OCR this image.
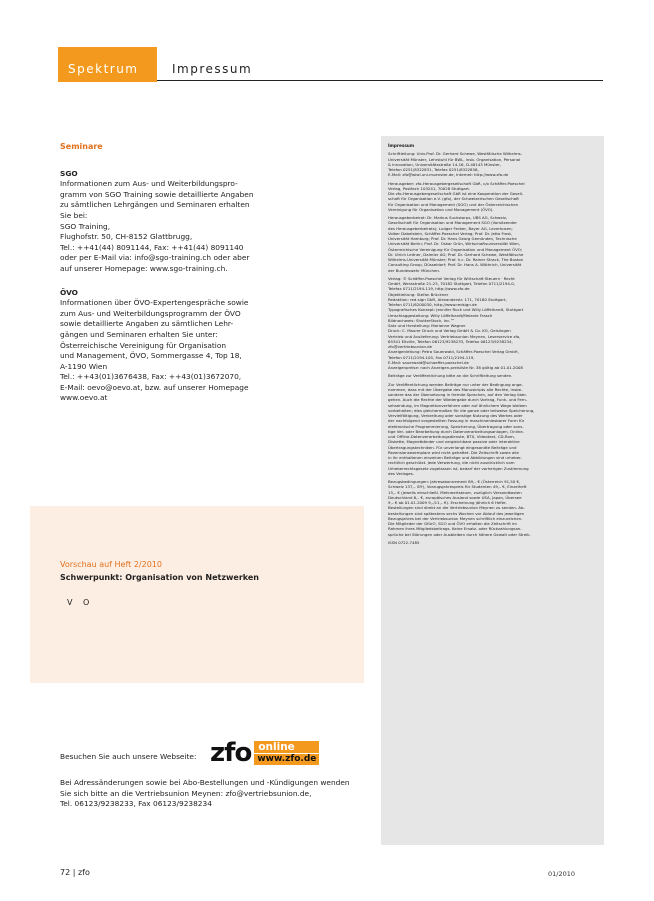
Spektrum	Impressum

Seminare

SGO

Informationen zum Aus- und Weiterbildungspro-
gramm von SGO Training sowie detaillierte Angaben
zu sämtlichen Lehrgängen und Seminaren erhalten
Sie bei:
SGO Training,
Flughofstr. 50, CH-8152 Glattbrugg,
Tel.: ++41(44) 8091144, Fax: ++41(44) 8091140
oder per E-Mail via: info@sgo-training.ch oder aber
auf unserer Homepage: www.sgo-training.ch.

ÖVO

Informationen über ÖVO-Expertengespräche sowie
zum Aus- und Weiterbildungsprogramm der ÖVO
sowie detaillierte Angaben zu sämtlichen Lehr-
gängen und Seminaren erhalten Sie unter:
Österreichische Vereinigung für Organisation
und Management, ÖVO, Sommergasse 4, Top 18,
A-1190 Wien
Tel.: ++43(01)3676438, Fax: ++43(01)3672070,
E-Mail: oevo@oevo.at, bzw. auf unserer Homepage
www.oevo.at
Vorschau auf Heft 2/2010
Schwerpunkt: Organisation von Netzwerken
V O
Besuchen Sie auch unsere Webseite: zfo online
www.zfo.de
Bei Adressänderungen sowie bei Abo-Bestellungen und -Kündigungen wenden
Sie sich bitte an die Vertriebsunion Meynen: zfo@vertriebsunion.de,
Tel. 06123/9238233, Fax 06123/9238234
72 | zfo	01/2010

Impressum

Schriftleitung: Univ.Prof. Dr. Gerhard Schewe, Westfälische Wilhelms-
Universität Münster, Lehrstuhl für BWL, insb. Organisation, Personal
& Innovation, Universitätsstraße 14-16, D-48143 Münster,
Telefon 0251/8322831, Telefax 0251/8322836,
E-Mail: zfo@wiwi.uni-muenster.de, Internet: http://www.zfo.de
Herausgeber: zfo-Herausgebergesellschaft GbR, c/o Schäffer-Poeschel
Verlag, Postfach 103241, 70028 Stuttgart.
Die zfo-Herausgebergesellschaft GbR ist eine Kooperation der Gesell-
schaft für Organisation e.V. (gfo), der Schweizerischen Gesellschaft
für Organisation und Management (SGO) und der Österreichischen
Vereinigung für Organisation und Management (ÖVO).
Herausgeberbeirat: Dr. Markus Suckstorps, UBS AG, Schweiz,
Gesellschaft für Organisation und Management SGO (Vorsitzender
des Herausgeberbeirats); Ludger Ferber, Bayer AG, Leverkusen;
Volker Dabelstein, Schäffer-Poeschel Verlag; Prof. Dr. Jetta Frost,
Universität Hamburg; Prof. Dr. Hans Georg Gemünden, Technische
Universität Berlin; Prof. Dr. Oskar Grün, Wirtschaftsuniversität Wien,
Österreichische Vereinigung für Organisation und Management ÖVO;
Dr. Ulrich Leitner, Daimler AG; Prof. Dr. Gerhard Schewe, Westfälische
Wilhelms-Universität Münster; Prof. h.c. Dr. Rainer Strack, The Boston
Consulting Group, Düsseldorf; Prof. Dr. Hans A. Wüthrich, Universität
der Bundeswehr München.
Verlag: © Schäffer-Poeschel Verlag für Wirtschaft·Steuern · Recht
GmbH, Werastraße 21-23, 70182 Stuttgart, Telefon 0711/2194-0,
Telefax 0711/2194-119, http://www.zfo.de
Objektleitung: Stefan Brückner
Redaktion: red.sign GbR, Alexanderstr. 171, 70180 Stuttgart,
Telefon 0711/6200030, http://www.redsign.de
Typografisches Konzept: Jennifer Ruck und Willy Löffelhardt, Stuttgart
Umschlaggestaltung: Willy Löffelhardt/Melanie Frasch
Bildnachweis: ShutterStock, Inc.™
Satz und Herstellung: Marianne Wagner
Druck: C. Maurer Druck und Verlag GmbH & Co. KG, Geislingen
Vertrieb und Auslieferung: Vertriebsunion Meynen, Leserservice zfo,
65341 Eltville, Telefon 06123/9238233, Telefax 06123/9238234,
zfo@vertriebsunion.de
Anzeigenleitung: Petra Sauerwald, Schäffer-Poeschel Verlag GmbH,
Telefon 0711/2194-105, Fax 0711/2194-119,
E-Mail: sauerwald@schaeffer-poeschel.de
Anzeigenpreise: nach Anzeigen-preisliste Nr. 38 gültig ab 01.01.2008
Beiträge zur Veröffentlichung bitte an die Schriftleitung senden.
Zur Veröffentlichung werden Beiträge nur unter der Bedingung ange-
nommen, dass mit der Übergabe des Manuskripts alle Rechte, insbe-
sondere das der Übersetzung in fremde Sprachen, auf den Verlag über-
gehen. Auch die Rechte der Wiedergabe durch Vortrag, Funk- und Fern-
sehsendung, im Magnettonverfahren oder auf ähnlichem Wege bleiben
vorbehalten; dies gleichermaßen für die ganze oder teilweise Speicherung,
Vervielfältigung, Verbreitung oder sonstige Nutzung des Werkes oder
der nachfolgend vorgestellten Fassung in maschinenlesbarer Form für
elektronische Programmierung, Speicherung, Übertragung oder sons-
tige Ver- oder Bearbeitung durch Datenverarbeitungsanlagen, Online-
und Offline-Datenverarbeitungsdienste, BTX, Videotext, CD-Rom,
Diskette, Magnetbänder und vergleichbare passive oder interaktive
Übertragungstechniken. Für unverlangt eingesandte Beiträge und
Rezensionsexemplare wird nicht gehaftet. Die Zeitschrift sowie alle
in ihr enthaltenen einzelnen Beiträge und Abbildungen sind urheber-
rechtlich geschützt. Jede Verwertung, die nicht ausdrücklich vom
Urheberrechtsgesetz zugelassen ist, bedarf der vorherigen Zustimmung
des Verlages.
Bezugsbedingungen: Jahresabonnement 89,– € (Österreich 91,50 €,
Schweiz 137,– SFr), Vorzugsjahrespreis für Studenten 49,– €, Einzelheft
15,– € (jeweils einschließl. Mehrwertsteuer, zuzüglich Versandkosten
Deutschland 6,– €, europäisches Ausland sowie USA, Japan, Übersee
9,– € ab 01.01.2009 9,-/11,– €). Erscheinung jährlich 6 Hefte.
Bestellungen sind direkt an die Vertriebsunion Meynen zu senden. Ab-
bestellungen sind spätestens sechs Wochen vor Ablauf des jeweiligen
Bezugsjahres bei der Vertriebsunion Meynen schriftlich einzureichen.
Die Mitglieder der GfürO, SGO und ÖVO erhalten die Zeitschrift im
Rahmen ihres Mitgliedsbeitrags. Keine Ersatz- oder Rückzahlungsan-
sprüche bei Störungen oder Ausbleiben durch höhere Gewalt oder Streik.
ISSN 0722-7485
